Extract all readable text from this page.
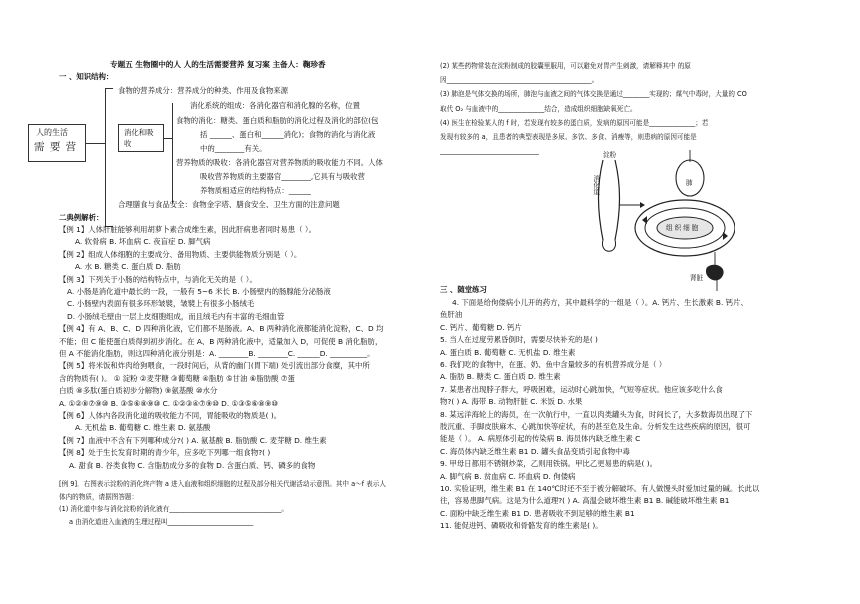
专题五 生物圈中的人 人的生活需要营养 复习案 主备人：鞠珍香
一 、知识结构：
人的生活
需 要 营
食物的营养成分：营养成分的种类、作用及食物来源
消化和吸
收
消化系统的组成：各消化器官和消化腺的名称，位置
食物的消化：糖类、蛋白质和脂肪的消化过程及消化的部位(包
括 ______、蛋白和______消化)；食物的消化与消化液
中的________有关。
营养物质的吸收：各消化器官对营养物质的吸收能力不同。人体
吸收营养物质的主要器官________,它具有与吸收营
养物质相适应的结构特点：______
合理膳食与食品安全：食物金字塔、膳食安全、卫生方面的注意问题
二典例解析：
【例 1】人体肝脏能够利用胡萝卜素合成维生素，因此肝病患者同时易患（ ）。
A. 软骨病 B. 坏血病 C. 夜盲症 D. 脚气病
【例 2】组成人体细胞的主要成分、备用物质、主要供能物质分别是（ ）。
A. 水 B. 糖类 C. 蛋白质 D. 脂肪
【例 3】下列关于小肠的结构特点中，与消化无关的是（ ）。
A. 小肠是消化道中最长的一段，一般有 5~6 米长 B. 小肠壁内的肠腺能分泌肠液
C. 小肠壁内表面有很多环形皱襞，皱襞上有很多小肠绒毛
D. 小肠绒毛壁由一层上皮细胞组成，而且绒毛内有丰富的毛细血管
【例 4】有 A、B、C、D 四种消化液，它们都不是肠液。A、B 两种消化液都能消化淀粉，C、D 均
不能；但 C 能使蛋白质得到初步消化。在 A、B 两种消化液中，适量加入 D，可促使 B 消化脂肪，
但 A 不能消化脂肪，则这四种消化液分别是：A. ________B. ________C. ______D. __________。
【例 5】将米饭和炸肉给狗喂食，一段时间后，从背的幽门(胃下端) 处引流出部分食糜，其中所
含的物质有( )。 ① 淀粉 ②麦芽糖 ③葡萄糖 ④脂肪 ⑤甘油 ⑥脂肪酸 ⑦蛋
白质 ⑧多肽(蛋白质初步分解物) ⑨氨基酸 ⑩水分
A. ①②⑧⑦⑨⑩ B. ③⑤⑥⑧⑨⑩ C. ①②③④⑦⑨⑩ D. ①③⑤⑥⑧⑨⑩
【例 6】人体内各段消化道的吸收能力不同，胃能吸收的物质是( )。
A. 无机盐 B. 葡萄糖 C. 维生素 D. 氨基酸
【例 7】血液中不含有下列哪种成分?( ) A. 氨基酸 B. 脂肪酸 C. 麦芽糖 D. 维生素
【例 8】处于生长发育时期的青少年，应多吃下列哪一组食物?( )
A. 甜食 B. 谷类食物 C. 含脂肪成分多的食物 D. 含蛋白质、钙、磷多的食物
[例 9]．右图表示淀粉的消化终产物 a 进入血液和组织细胞的过程及部分相关代谢活动示意图。其中 a～f 表示人
体内的物质，请据图答题：
(1) 消化道中参与消化淀粉的消化液有__________________________________。
a 由消化道进入血液的生理过程叫__________________________
(2) 某些药物常装在淀粉制成的胶囊里服用，可以避免对胃产生刺激，请解释其中 的原
因____________________________________________。
(3) 肺泡是气体交换的场所，肺泡与血液之间的气体交换是通过________实现的；煤气中毒时，大量的 CO
取代 O₂ 与血液中的______________结合，造成组织细胞缺氧死亡。
(4) 医生在检验某人的 f 时，若发现有较多的蛋白质，发病的原因可能是______________；若
发现有较多的 a，且患者的典型表现是多尿、多饮、多食、消瘦等，则患病的原因可能是
______________________________
消化道
淀粉
肺
组织细胞
肾脏
三 、随堂练习
4. 下面是给佝偻病小儿开的药方，其中最科学的一组是（ ）。A. 钙片、生长激素 B. 钙片、
鱼肝油
C. 钙片、葡萄糖 D. 钙片
5. 当人在过度劳累昏倒时，需要尽快补充的是( )
A. 蛋白质 B. 葡萄糖 C. 无机盐 D. 维生素
6. 我们吃的食物中，在蛋、奶、鱼中含量较多的有机营养成分是（ ）
A. 脂肪 B. 糖类 C. 蛋白质 D. 维生素
7. 某患者出现脖子胖大，呼吸困难，运动时心跳加快，气短等症状。他应该多吃什么食
物?( ) A. 海带 B. 动物肝脏 C. 米饭 D. 水果
8. 某远洋海轮上的海员，在一次航行中，一直以肉类罐头为食，时间长了，大多数海员出现了下
肢沉重、手脚皮肤麻木、心跳加快等症状，有的甚至危及生命。分析发生这些疾病的原因，很可
能是（ ）。 A. 病原体引起的传染病 B. 海员体内缺乏维生素 C
C. 海员体内缺乏维生素 B1 D. 罐头食品变质引起食物中毒
9. 甲母日都用不锈钢炒菜，乙则用铁锅。甲比乙更易患的病是( )。
A. 脚气病 B. 贫血病 C. 坏血病 D. 佝偻病
10. 实验证明，维生素 B1 在 140℃时还不至于被分解破坏。有人做馒头时爱加过量的碱。长此以
往，容易患脚气病。这是为什么道理?( ) A. 高温会破坏维生素 B1 B. 碱能破坏维生素 B1
C. 面粉中缺乏维生素 B1 D. 患者吸收不到足够的维生素 B1
11. 能促进钙、磷吸收和骨骼发育的维生素是( )。
